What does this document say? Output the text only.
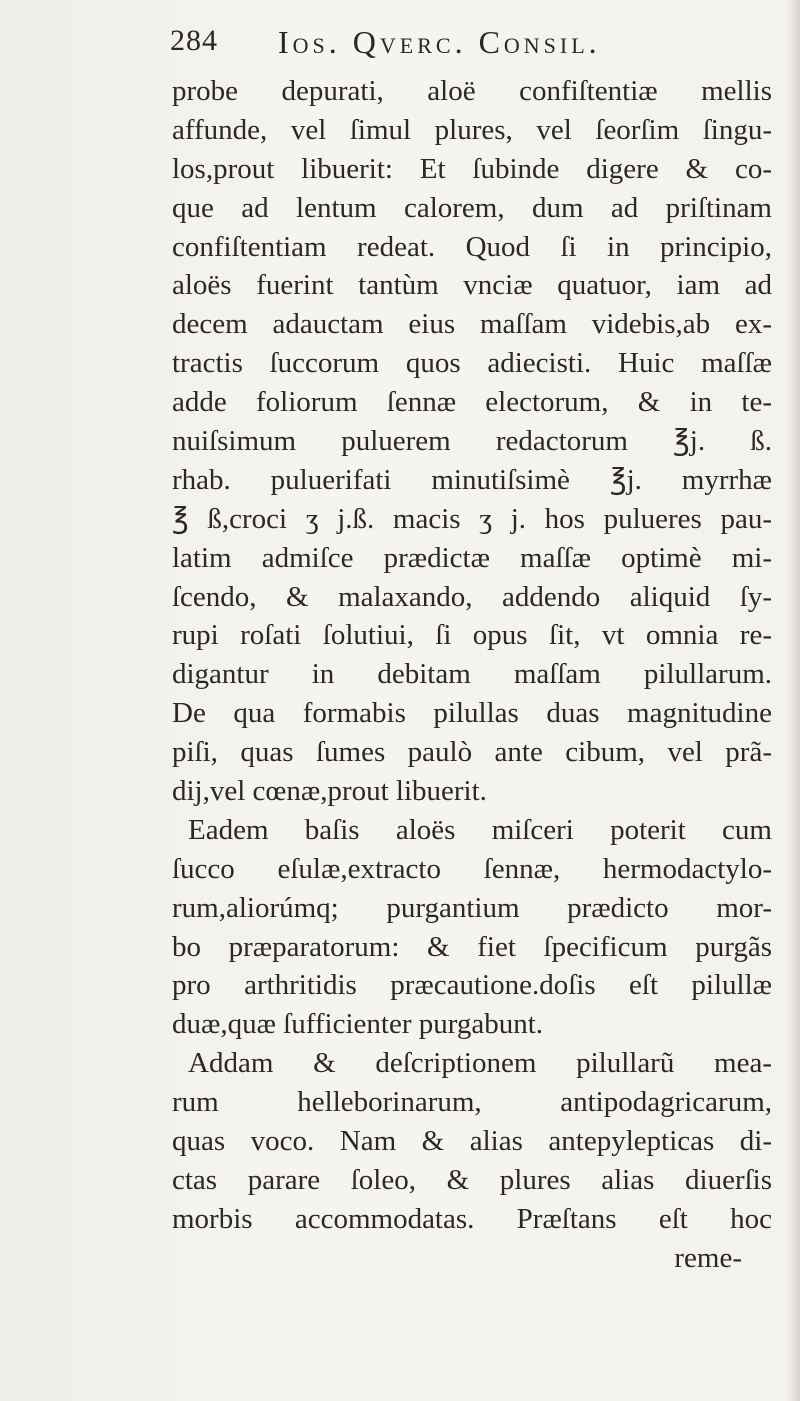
284 Ios. Qverc. Consil.
probe depurati, aloë confiſtentiæ mellis
affunde, vel ſimul plures, vel ſeorſim ſingu-
los,prout libuerit: Et ſubinde digere & co-
que ad lentum calorem, dum ad priſtinam
confiſtentiam redeat. Quod ſi in principio,
aloës fuerint tantùm vnciæ quatuor, iam ad
decem adauctam eius maſſam videbis,ab ex-
tractis ſuccorum quos adiecisti. Huic maſſæ
adde foliorum ſennæ electorum, & in te-
nuiſsimum puluerem redactorum ℥j. ß.
rhab. puluerifati minutiſsimè ℥j. myrrhæ
℥ ß,croci ʒ j.ß. macis ʒ j. hos pulueres pau-
latim admiſce prædictæ maſſæ optimè mi-
ſcendo, & malaxando, addendo aliquid ſy-
rupi roſati ſolutiui, ſi opus ſit, vt omnia re-
digantur in debitam maſſam pilullarum.
De qua formabis pilullas duas magnitudine
piſi, quas ſumes paulò ante cibum, vel prã-
dij,vel cœnæ,prout libuerit.
Eadem baſis aloës miſceri poterit cum
ſucco eſulæ,extracto ſennæ, hermodactylo-
rum,aliorúmq; purgantium prædicto mor-
bo præparatorum: & fiet ſpecificum purgãs
pro arthritidis præcautione.doſis eſt pilullæ
duæ,quæ ſufficienter purgabunt.
Addam & deſcriptionem pilullarũ mea-
rum helleborinarum, antipodagricarum,
quas voco. Nam & alias antepylepticas di-
ctas parare ſoleo, & plures alias diuerſis
morbis accommodatas. Præſtans eſt hoc
reme-
